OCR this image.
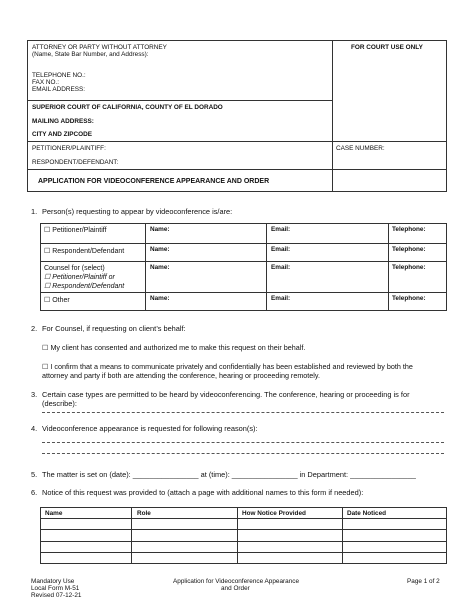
ATTORNEY OR PARTY WITHOUT ATTORNEY
(Name, State Bar Number, and Address):
TELEPHONE NO.:
FAX NO.:
EMAIL ADDRESS:
FOR COURT USE ONLY
SUPERIOR COURT OF CALIFORNIA, COUNTY OF EL DORADO
MAILING ADDRESS:
CITY AND ZIPCODE
PETITIONER/PLAINTIFF:
RESPONDENT/DEFENDANT:
CASE NUMBER:
APPLICATION FOR VIDEOCONFERENCE APPEARANCE AND ORDER
1. Person(s) requesting to appear by videoconference is/are:
☐ Petitioner/Plaintiff	Name:	Email:	Telephone:
☐ Respondent/Defendant	Name:	Email:	Telephone:
Counsel for (select)
☐ Petitioner/Plaintiff or
☐ Respondent/Defendant
Name:	Email:	Telephone:
☐ Other	Name:	Email:	Telephone:
2. For Counsel, if requesting on client’s behalf:
☐ My client has consented and authorized me to make this request on their behalf.
☐ I confirm that a means to communicate privately and confidentially has been established and reviewed by both the
attorney and party if both are attending the conference, hearing or proceeding remotely.
3. Certain case types are permitted to be heard by videoconferencing. The conference, hearing or proceeding is for
(describe):
4. Videoconference appearance is requested for following reason(s):
5. The matter is set on (date): ________________ at (time): ________________ in Department: ________________
6. Notice of this request was provided to (attach a page with additional names to this form if needed):
Name	Role	How Notice Provided	Date Noticed
Mandatory Use
Local Form M-51
Revised 07-12-21
Application for Videoconference Appearance
and Order
Page 1 of 2
